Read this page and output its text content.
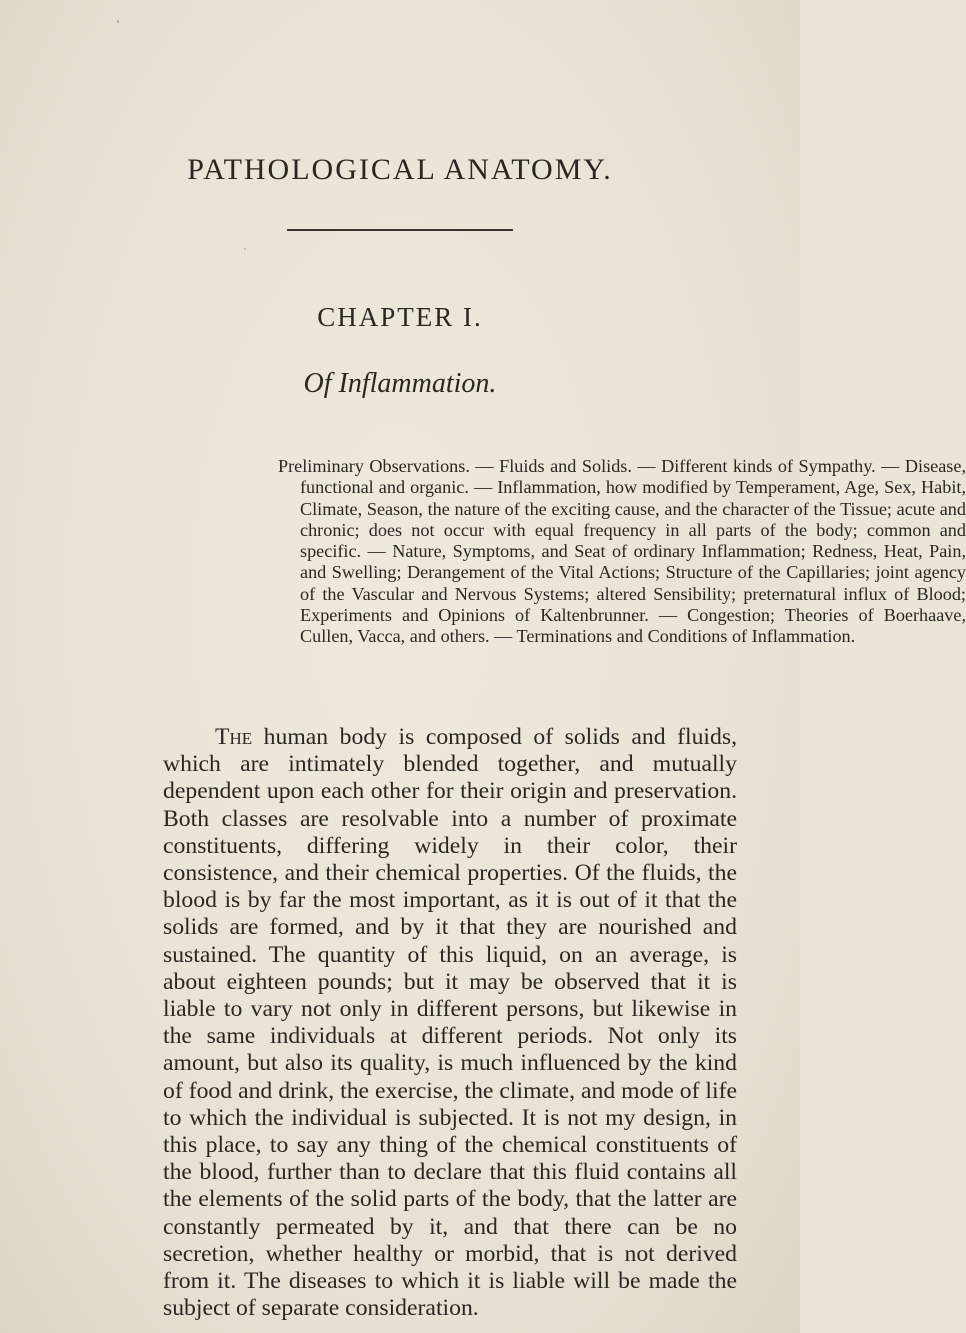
PATHOLOGICAL ANATOMY.
CHAPTER I.
Of Inflammation.

Preliminary Observations. — Fluids and Solids. — Different kinds of Sympathy. — Disease, functional and organic. — Inflammation, how modified by Temperament, Age, Sex, Habit, Climate, Season, the nature of the exciting cause, and the character of the Tissue; acute and chronic; does not occur with equal frequency in all parts of the body; common and specific. — Nature, Symptoms, and Seat of ordinary Inflammation; Redness, Heat, Pain, and Swelling; Derangement of the Vital Actions; Structure of the Capillaries; joint agency of the Vascular and Nervous Systems; altered Sensibility; preternatural influx of Blood; Experiments and Opinions of Kaltenbrunner. — Congestion; Theories of Boerhaave, Cullen, Vacca, and others. — Terminations and Conditions of Inflammation.

The human body is composed of solids and fluids, which are intimately blended together, and mutually dependent upon each other for their origin and preservation. Both classes are resolvable into a number of proximate constituents, differing widely in their color, their consistence, and their chemical properties. Of the fluids, the blood is by far the most important, as it is out of it that the solids are formed, and by it that they are nourished and sustained. The quantity of this liquid, on an average, is about eighteen pounds; but it may be observed that it is liable to vary not only in different persons, but likewise in the same individuals at different periods. Not only its amount, but also its quality, is much influenced by the kind of food and drink, the exercise, the climate, and mode of life to which the individual is subjected. It is not my design, in this place, to say any thing of the chemical constituents of the blood, further than to declare that this fluid contains all the elements of the solid parts of the body, that the latter are constantly permeated by it, and that there can be no secretion, whether healthy or morbid, that is not derived from it. The diseases to which it is liable will be made the subject of separate consideration.
